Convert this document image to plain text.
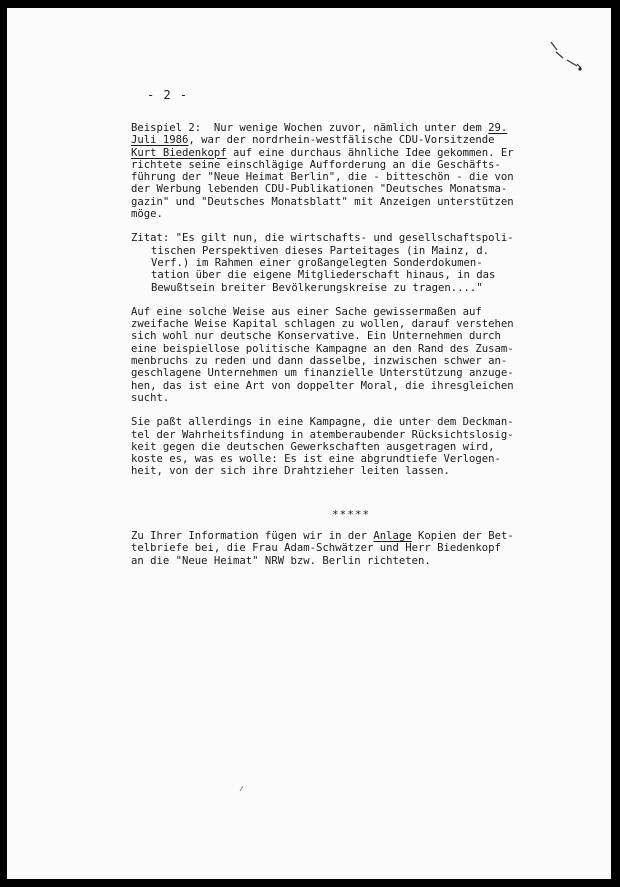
- 2 -
Beispiel 2:  Nur wenige Wochen zuvor, nämlich unter dem 29.
Juli 1986, war der nordrhein-westfälische CDU-Vorsitzende
Kurt Biedenkopf auf eine durchaus ähnliche Idee gekommen. Er
richtete seine einschlägige Aufforderung an die Geschäfts-
führung der "Neue Heimat Berlin", die - bitteschön - die von
der Werbung lebenden CDU-Publikationen "Deutsches Monatsma-
gazin" und "Deutsches Monatsblatt" mit Anzeigen unterstützen
möge.
Zitat: "Es gilt nun, die wirtschafts- und gesellschaftspoli-
tischen Perspektiven dieses Parteitages (in Mainz, d.
Verf.) im Rahmen einer großangelegten Sonderdokumen-
tation über die eigene Mitgliederschaft hinaus, in das
Bewußtsein breiter Bevölkerungskreise zu tragen...."
Auf eine solche Weise aus einer Sache gewissermaßen auf
zweifache Weise Kapital schlagen zu wollen, darauf verstehen
sich wohl nur deutsche Konservative. Ein Unternehmen durch
eine beispiellose politische Kampagne an den Rand des Zusam-
menbruchs zu reden und dann dasselbe, inzwischen schwer an-
geschlagene Unternehmen um finanzielle Unterstützung anzuge-
hen, das ist eine Art von doppelter Moral, die ihresgleichen
sucht.
Sie paßt allerdings in eine Kampagne, die unter dem Deckman-
tel der Wahrheitsfindung in atemberaubender Rücksichtslosig-
keit gegen die deutschen Gewerkschaften ausgetragen wird,
koste es, was es wolle: Es ist eine abgrundtiefe Verlogen-
heit, von der sich ihre Drahtzieher leiten lassen.
*****
Zu Ihrer Information fügen wir in der Anlage Kopien der Bet-
telbriefe bei, die Frau Adam-Schwätzer und Herr Biedenkopf
an die "Neue Heimat" NRW bzw. Berlin richteten.
